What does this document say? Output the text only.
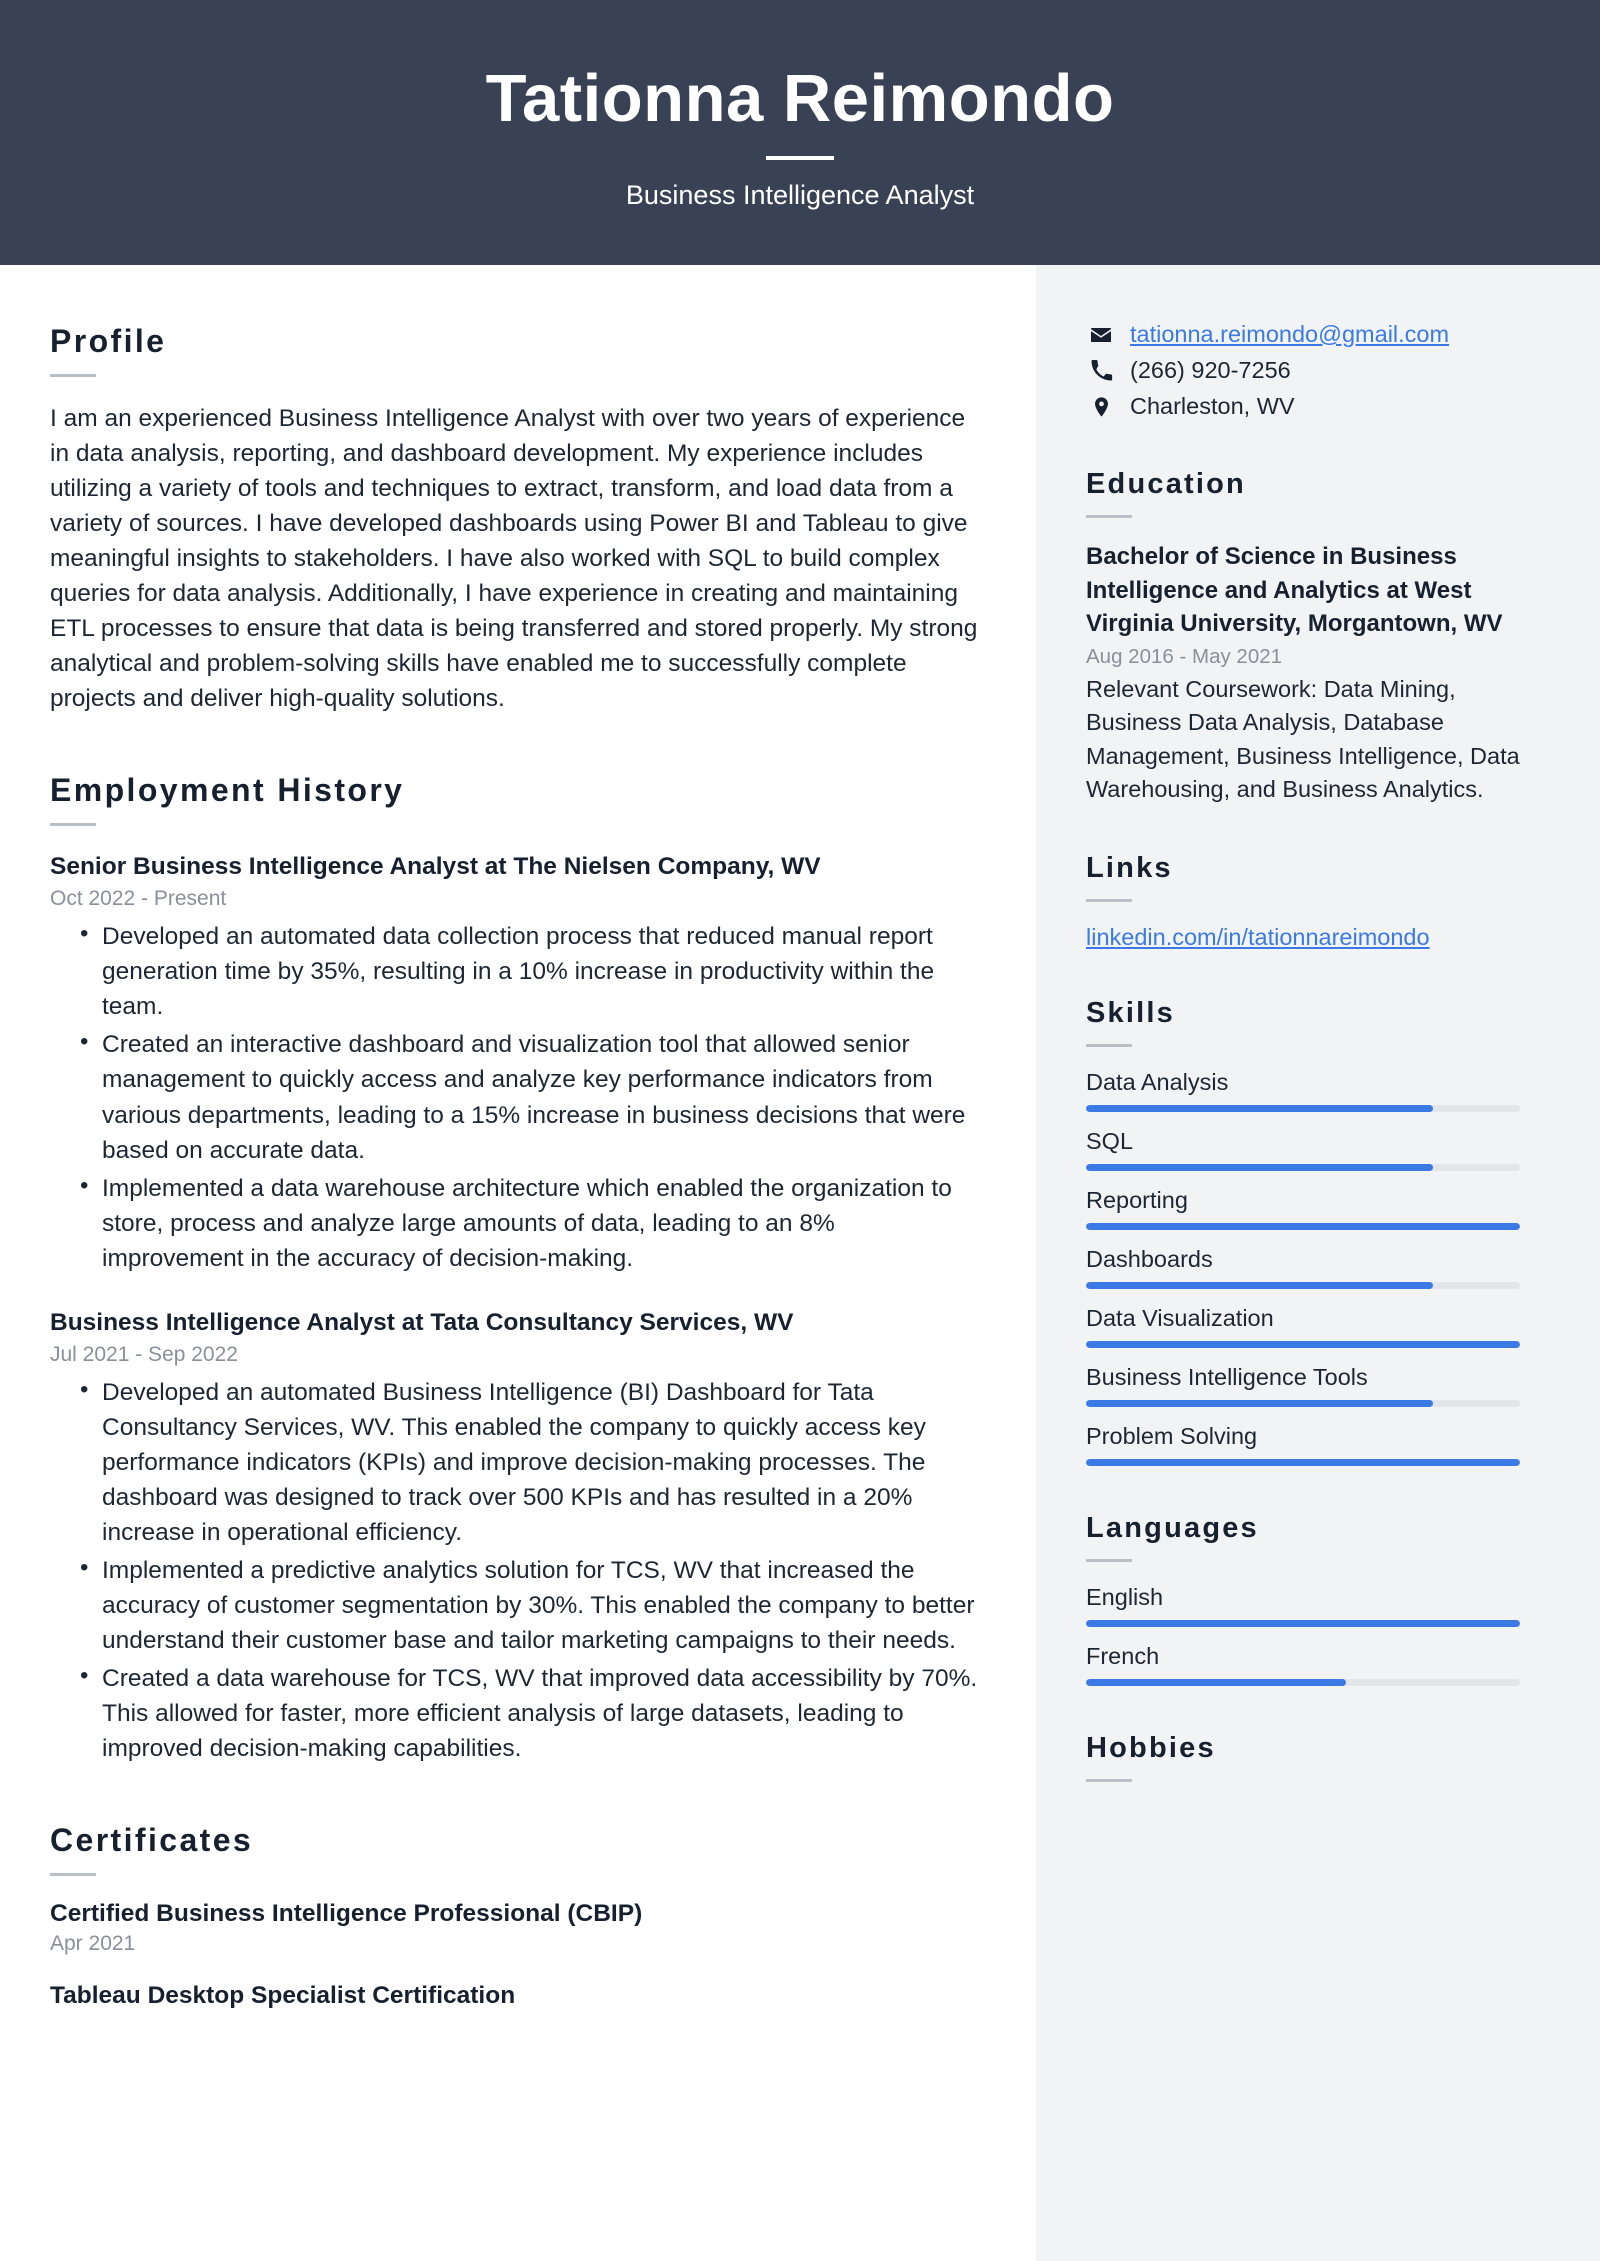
Tationna Reimondo
Business Intelligence Analyst
Profile
I am an experienced Business Intelligence Analyst with over two years of experience in data analysis, reporting, and dashboard development. My experience includes utilizing a variety of tools and techniques to extract, transform, and load data from a variety of sources. I have developed dashboards using Power BI and Tableau to give meaningful insights to stakeholders. I have also worked with SQL to build complex queries for data analysis. Additionally, I have experience in creating and maintaining ETL processes to ensure that data is being transferred and stored properly. My strong analytical and problem-solving skills have enabled me to successfully complete projects and deliver high-quality solutions.
Employment History
Senior Business Intelligence Analyst at The Nielsen Company, WV
Oct 2022 - Present
• Developed an automated data collection process that reduced manual report generation time by 35%, resulting in a 10% increase in productivity within the team.
• Created an interactive dashboard and visualization tool that allowed senior management to quickly access and analyze key performance indicators from various departments, leading to a 15% increase in business decisions that were based on accurate data.
• Implemented a data warehouse architecture which enabled the organization to store, process and analyze large amounts of data, leading to an 8% improvement in the accuracy of decision-making.
Business Intelligence Analyst at Tata Consultancy Services, WV
Jul 2021 - Sep 2022
• Developed an automated Business Intelligence (BI) Dashboard for Tata Consultancy Services, WV. This enabled the company to quickly access key performance indicators (KPIs) and improve decision-making processes. The dashboard was designed to track over 500 KPIs and has resulted in a 20% increase in operational efficiency.
• Implemented a predictive analytics solution for TCS, WV that increased the accuracy of customer segmentation by 30%. This enabled the company to better understand their customer base and tailor marketing campaigns to their needs.
• Created a data warehouse for TCS, WV that improved data accessibility by 70%. This allowed for faster, more efficient analysis of large datasets, leading to improved decision-making capabilities.
Certificates
Certified Business Intelligence Professional (CBIP)
Apr 2021
Tableau Desktop Specialist Certification
tationna.reimondo@gmail.com
(266) 920-7256
Charleston, WV
Education
Bachelor of Science in Business Intelligence and Analytics at West Virginia University, Morgantown, WV
Aug 2016 - May 2021
Relevant Coursework: Data Mining, Business Data Analysis, Database Management, Business Intelligence, Data Warehousing, and Business Analytics.
Links
linkedin.com/in/tationnareimondo
Skills
Data Analysis
SQL
Reporting
Dashboards
Data Visualization
Business Intelligence Tools
Problem Solving
Languages
English
French
Hobbies
